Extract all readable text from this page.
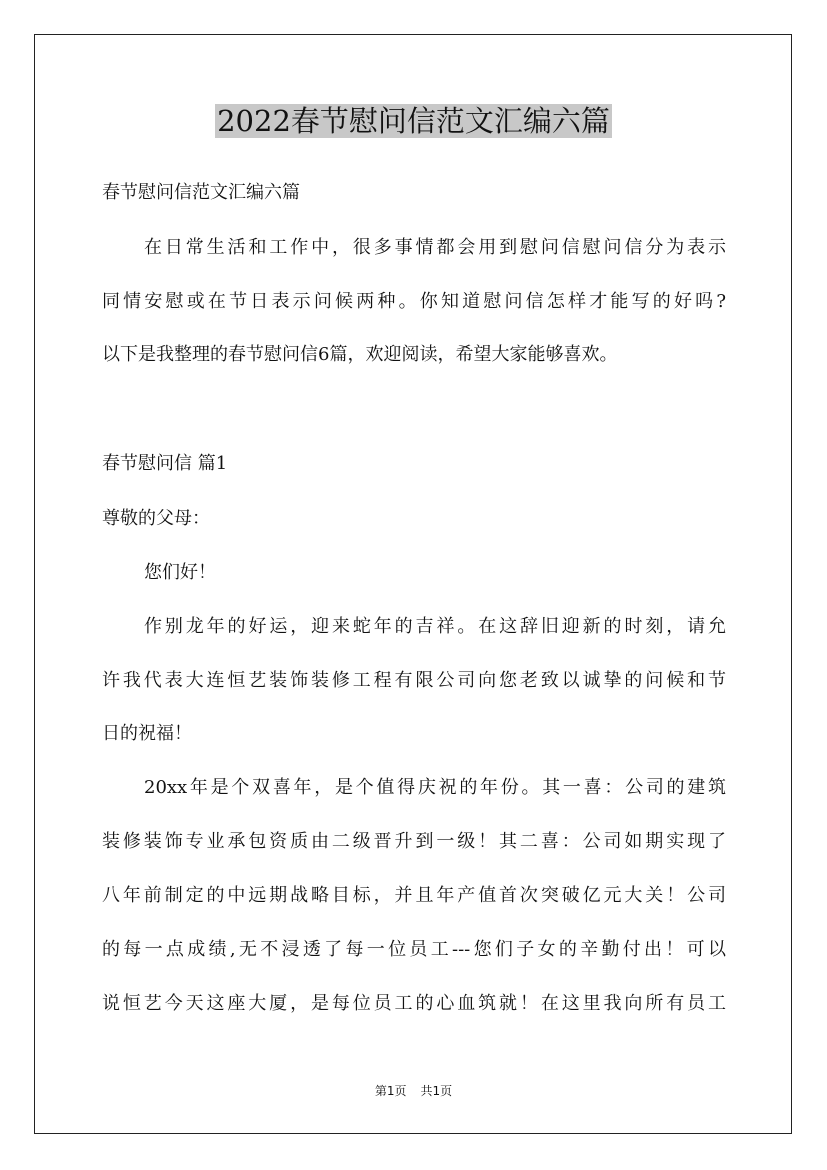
2022春节慰问信范文汇编六篇
春节慰问信范文汇编六篇
在日常生活和工作中，很多事情都会用到慰问信慰问信分为表示
同情安慰或在节日表示问候两种。你知道慰问信怎样才能写的好吗?
以下是我整理的春节慰问信6篇，欢迎阅读，希望大家能够喜欢。
春节慰问信 篇1
尊敬的父母：
您们好！
作别龙年的好运，迎来蛇年的吉祥。在这辞旧迎新的时刻，请允
许我代表大连恒艺装饰装修工程有限公司向您老致以诚挚的问候和节
日的祝福！
20xx年是个双喜年，是个值得庆祝的年份。其一喜：公司的建筑
装修装饰专业承包资质由二级晋升到一级！其二喜：公司如期实现了
八年前制定的中远期战略目标，并且年产值首次突破亿元大关！公司
的每一点成绩,无不浸透了每一位员工---您们子女的辛勤付出！可以
说恒艺今天这座大厦，是每位员工的心血筑就！在这里我向所有员工
第1页 共1页
